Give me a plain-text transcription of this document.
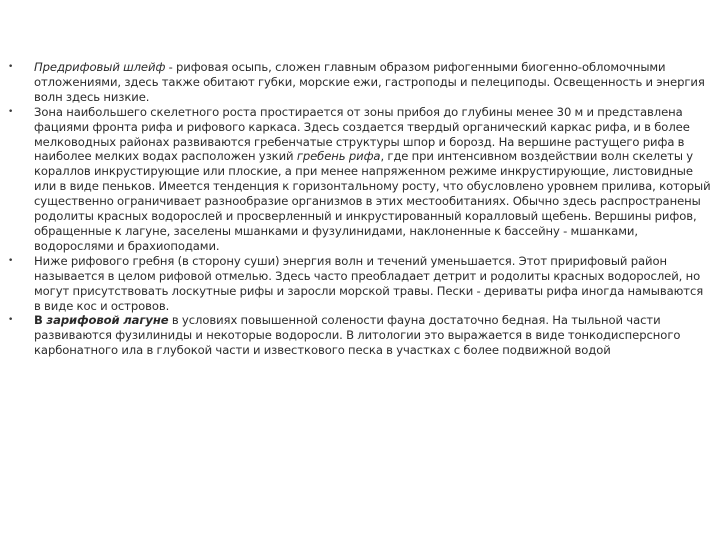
• Предрифовый шлейф - рифовая осыпь, сложен главным образом рифогенными биогенно-обломочными отложениями, здесь также обитают губки, морские ежи, гастроподы и пелециподы. Освещенность и энергия волн здесь низкие.

• Зона наибольшего скелетного роста простирается от зоны прибоя до глубины менее 30 м и представлена фациями фронта рифа и рифового каркаса. Здесь создается твердый органический каркас рифа, и в более мелководных районах развиваются гребенчатые структуры шпор и борозд. На вершине растущего рифа в наиболее мелких водах расположен узкий гребень рифа, где при интенсивном воздействии волн скелеты у кораллов инкрустирующие или плоские, а при менее напряженном режиме инкрустирующие, листовидные или в виде пеньков. Имеется тенденция к горизонтальному росту, что обусловлено уровнем прилива, который существенно ограничивает разнообразие организмов в этих местообитаниях. Обычно здесь распространены родолиты красных водорослей и просверленный и инкрустированный коралловый щебень. Вершины рифов, обращенные к лагуне, заселены мшанками и фузулинидами, наклоненные к бассейну - мшанками, водорослями и брахиоподами.

• Ниже рифового гребня (в сторону суши) энергия волн и течений уменьшается. Этот пририфовый район называется в целом рифовой отмелью. Здесь часто преобладает детрит и родолиты красных водорослей, но могут присутствовать лоскутные рифы и заросли морской травы. Пески - дериваты рифа иногда намываются в виде кос и островов.

• В зарифовой лагуне в условиях повышенной солености фауна достаточно бедная. На тыльной части развиваются фузилиниды и некоторые водоросли. В литологии это выражается в виде тонкодисперсного карбонатного ила в глубокой части и известкового песка в участках с более подвижной водой
